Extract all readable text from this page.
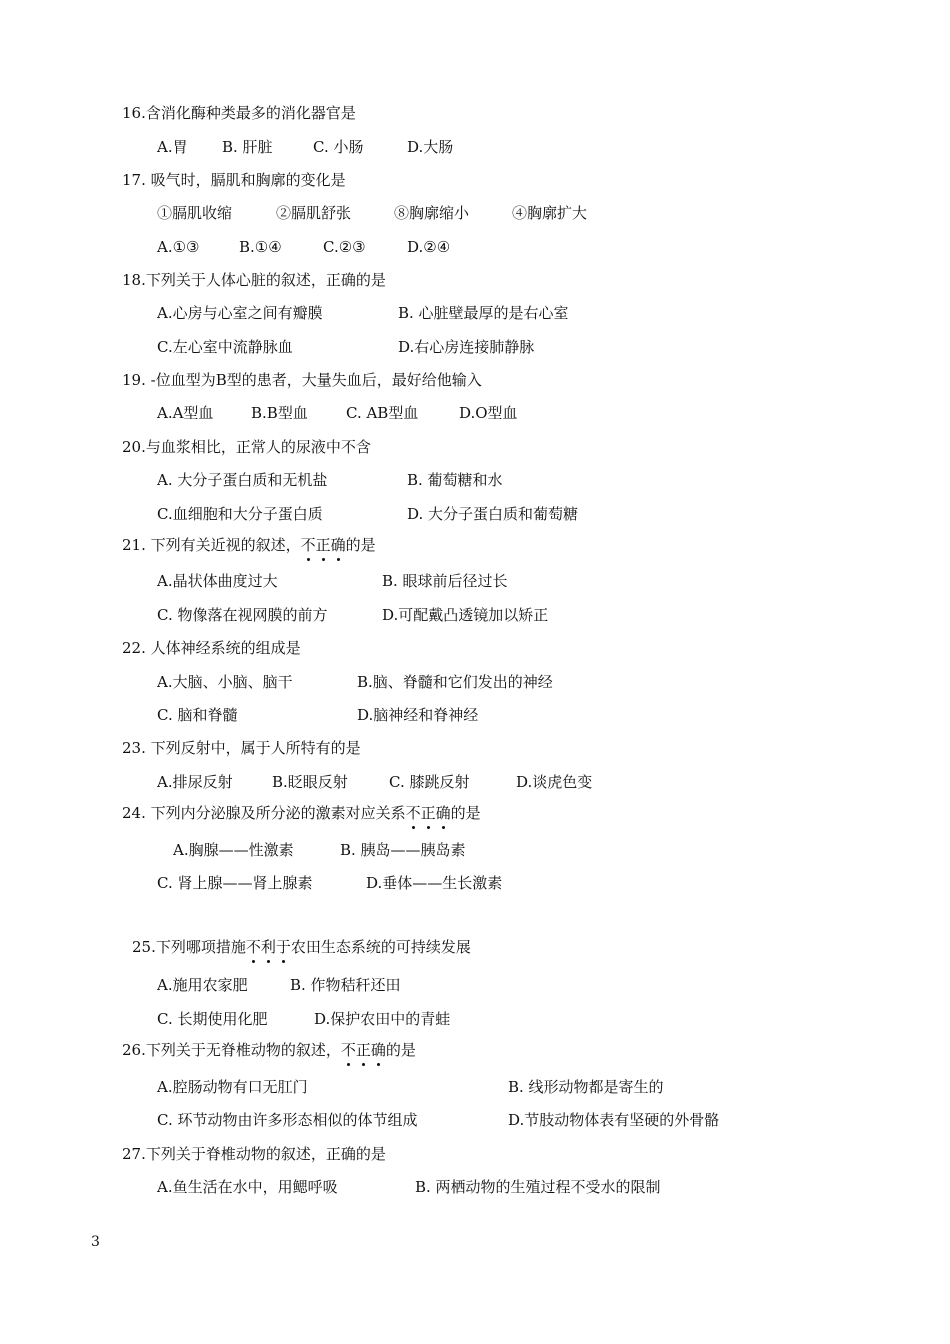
16.含消化酶种类最多的消化器官是
A.胃 B. 肝脏	C. 小肠	D.大肠
17. 吸气时，膈肌和胸廓的变化是
①膈肌收缩	②膈肌舒张	⑧胸廓缩小	④胸廓扩大
A.①③	B.①④	C.②③	D.②④
18.下列关于人体心脏的叙述，正确的是
A.心房与心室之间有瓣膜	B. 心脏壁最厚的是右心室
C.左心室中流静脉血	D.右心房连接肺静脉
19. -位血型为B型的患者，大量失血后，最好给他输入
A.A型血	B.B型血	C. AB型血	D.O型血
20.与血浆相比，正常人的尿液中不含
A. 大分子蛋白质和无机盐	B. 葡萄糖和水
C.血细胞和大分子蛋白质	D. 大分子蛋白质和葡萄糖
21. 下列有关近视的叙述，不正确的是
A.晶状体曲度过大	B. 眼球前后径过长
C. 物像落在视网膜的前方	D.可配戴凸透镜加以矫正
22. 人体神经系统的组成是
A.大脑、小脑、脑干	B.脑、脊髓和它们发出的神经
C. 脑和脊髓	D.脑神经和脊神经
23. 下列反射中，属于人所特有的是
A.排尿反射	B.眨眼反射	C. 膝跳反射	D.谈虎色变
24. 下列内分泌腺及所分泌的激素对应关系不正确的是
A.胸腺——性激素	B. 胰岛——胰岛素
C. 肾上腺——肾上腺素	D.垂体——生长激素
25.下列哪项措施不利于农田生态系统的可持续发展
A.施用农家肥	B. 作物秸秆还田
C. 长期使用化肥	D.保护农田中的青蛙
26.下列关于无脊椎动物的叙述，不正确的是
A.腔肠动物有口无肛门	B. 线形动物都是寄生的
C. 环节动物由许多形态相似的体节组成	D.节肢动物体表有坚硬的外骨骼
27.下列关于脊椎动物的叙述，正确的是
A.鱼生活在水中，用鳃呼吸	B. 两栖动物的生殖过程不受水的限制
3
